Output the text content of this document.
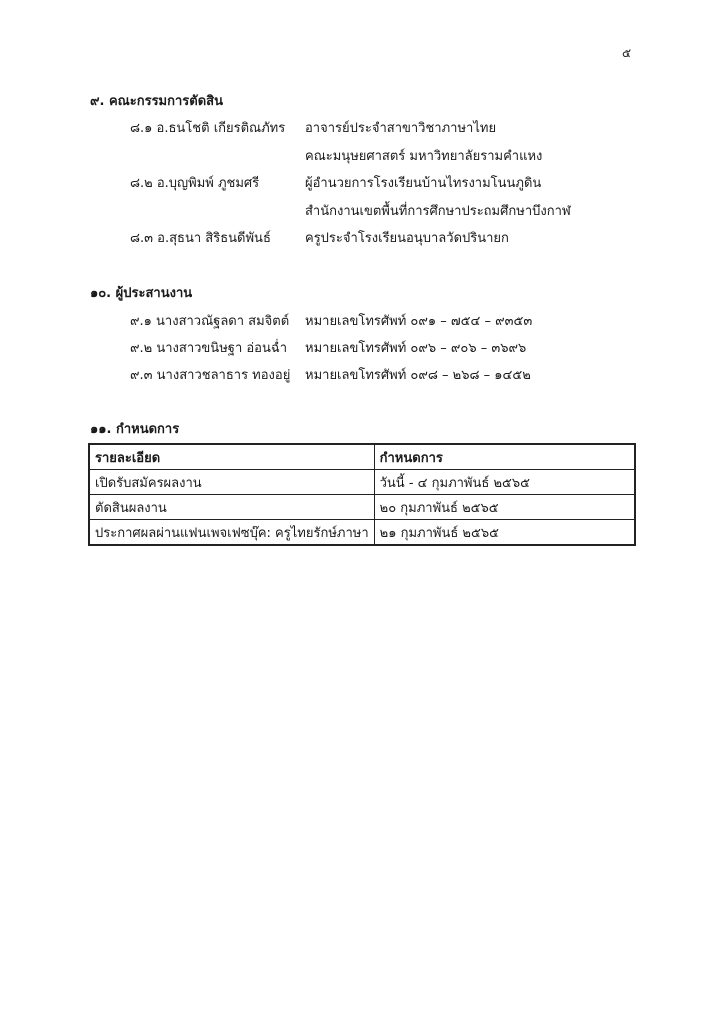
๕
๙. คณะกรรมการตัดสิน
๘.๑ อ.ธนโชติ เกียรติณภัทร อาจารย์ประจำสาขาวิชาภาษาไทย
คณะมนุษยศาสตร์ มหาวิทยาลัยรามคำแหง
๘.๒ อ.บุญพิมพ์ ภูชมศรี	ผู้อำนวยการโรงเรียนบ้านไทรงามโนนภูดิน
สำนักงานเขตพื้นที่การศึกษาประถมศึกษาบึงกาฬ
๘.๓ อ.สุธนา สิริธนดีพันธ์	ครูประจำโรงเรียนอนุบาลวัดปรินายก
๑๐. ผู้ประสานงาน
๙.๑ นางสาวณัฐลดา สมจิตต์ หมายเลขโทรศัพท์ ๐๙๑ – ๗๕๔ – ๙๓๕๓
๙.๒ นางสาวขนิษฐา อ่อนฉ่ำ หมายเลขโทรศัพท์ ๐๙๖ – ๙๐๖ – ๓๖๙๖
๙.๓ นางสาวชลาธาร ทองอยู่ หมายเลขโทรศัพท์ ๐๙๘ – ๒๖๘ – ๑๔๕๒
๑๑. กำหนดการ
รายละเอียด	กำหนดการ
เปิดรับสมัครผลงาน	วันนี้ - ๔ กุมภาพันธ์ ๒๕๖๕
ตัดสินผลงาน	๒๐ กุมภาพันธ์ ๒๕๖๕
ประกาศผลผ่านแฟนเพจเฟซบุ๊ค: ครูไทยรักษ์ภาษา	๒๑ กุมภาพันธ์ ๒๕๖๕
